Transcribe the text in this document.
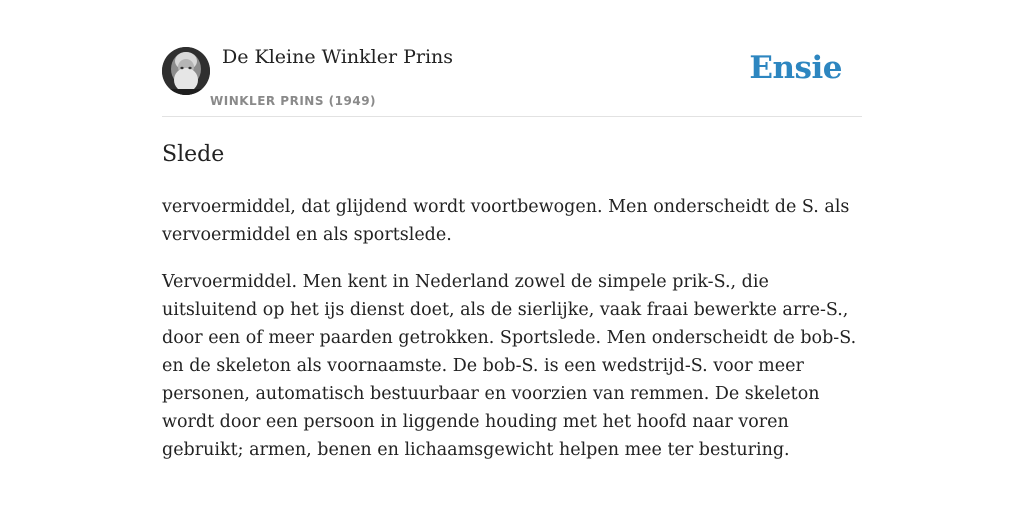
De Kleine Winkler Prins
WINKLER PRINS (1949)
Ensie
Slede

vervoermiddel, dat glijdend wordt voortbewogen. Men onderscheidt de S. als vervoermiddel en als sportslede.

Vervoermiddel. Men kent in Nederland zowel de simpele prik-S., die uitsluitend op het ijs dienst doet, als de sierlijke, vaak fraai bewerkte arre-S., door een of meer paarden getrokken. Sportslede. Men onderscheidt de bob-S. en de skeleton als voornaamste. De bob-S. is een wedstrijd-S. voor meer personen, automatisch bestuurbaar en voorzien van remmen. De skeleton wordt door een persoon in liggende houding met het hoofd naar voren gebruikt; armen, benen en lichaamsgewicht helpen mee ter besturing.
